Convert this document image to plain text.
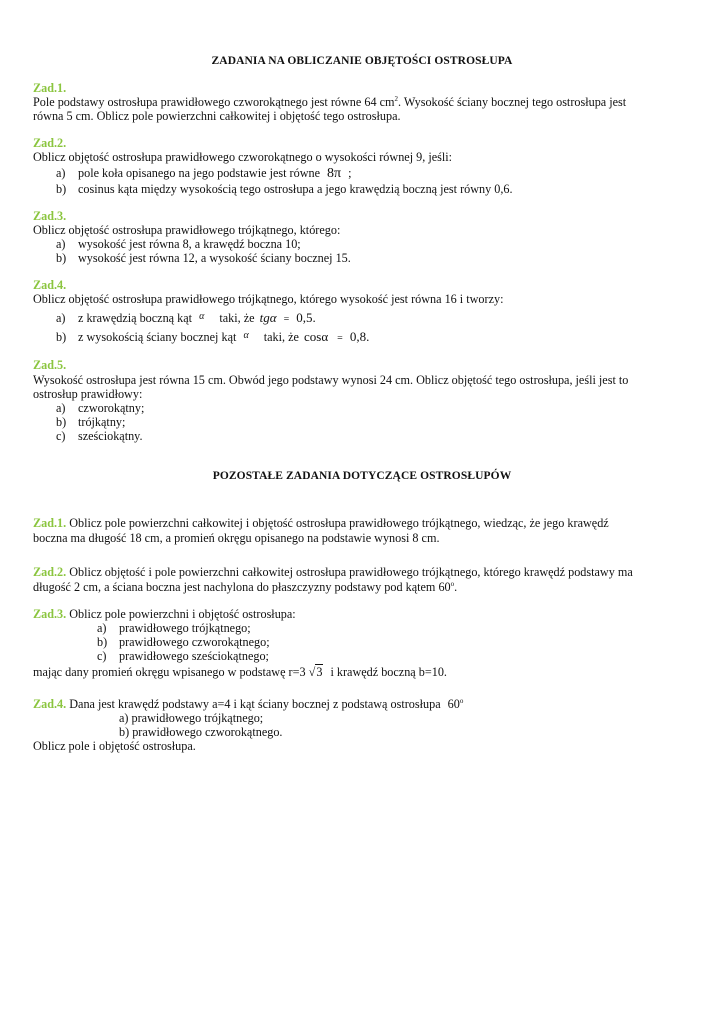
ZADANIA NA OBLICZANIE OBJĘTOŚCI OSTROSŁUPA
Zad.1.
Pole podstawy ostrosłupa prawidłowego czworokątnego jest równe 64 $cm^2$. Wysokość ściany bocznej tego ostrosłupa jest
równa 5 cm. Oblicz pole powierzchni całkowitej i objętość tego ostrosłupa.
Zad.2.
Oblicz objętość ostrosłupa prawidłowego czworokątnego o wysokości równej 9, jeśli:
a) pole koła opisanego na jego podstawie jest równe 8π ;
b) cosinus kąta między wysokością tego ostrosłupa a jego krawędzią boczną jest równy 0,6.
Zad.3.
Oblicz objętość ostrosłupa prawidłowego trójkątnego, którego:
a) wysokość jest równa 8, a krawędź boczna 10;
b) wysokość jest równa 12, a wysokość ściany bocznej 15.
Zad.4.
Oblicz objętość ostrosłupa prawidłowego trójkątnego, którego wysokość jest równa 16 i tworzy:
a) z krawędzią boczną kąt $^\alpha$ taki, że tgα = 0,5.
b) z wysokością ściany bocznej kąt $^\alpha$ taki, że cosα = 0,8.
Zad.5.
Wysokość ostrosłupa jest równa 15 cm. Obwód jego podstawy wynosi 24 cm. Oblicz objętość tego ostrosłupa, jeśli jest to
ostrosłup prawidłowy:
a) czworokątny;
b) trójkątny;
c) sześciokątny.
POZOSTAŁE ZADANIA DOTYCZĄCE OSTROSŁUPÓW
Zad.1. Oblicz pole powierzchni całkowitej i objętość ostrosłupa prawidłowego trójkątnego, wiedząc, że jego krawędź
boczna ma długość 18 cm, a promień okręgu opisanego na podstawie wynosi 8 cm.
Zad.2. Oblicz objętość i pole powierzchni całkowitej ostrosłupa prawidłowego trójkątnego, którego krawędź podstawy ma
długość 2 cm, a ściana boczna jest nachylona do płaszczyzny podstawy pod kątem 60$^o$.
Zad.3. Oblicz pole powierzchni i objętość ostrosłupa:
a) prawidłowego trójkątnego;
b) prawidłowego czworokątnego;
c) prawidłowego sześciokątnego;
mając dany promień okręgu wpisanego w podstawę r=3 √3 i krawędź boczną b=10.
Zad.4. Dana jest krawędź podstawy a=4 i kąt ściany bocznej z podstawą ostrosłupa 60$^o$
a) prawidłowego trójkątnego;
b) prawidłowego czworokątnego.
Oblicz pole i objętość ostrosłupa.
